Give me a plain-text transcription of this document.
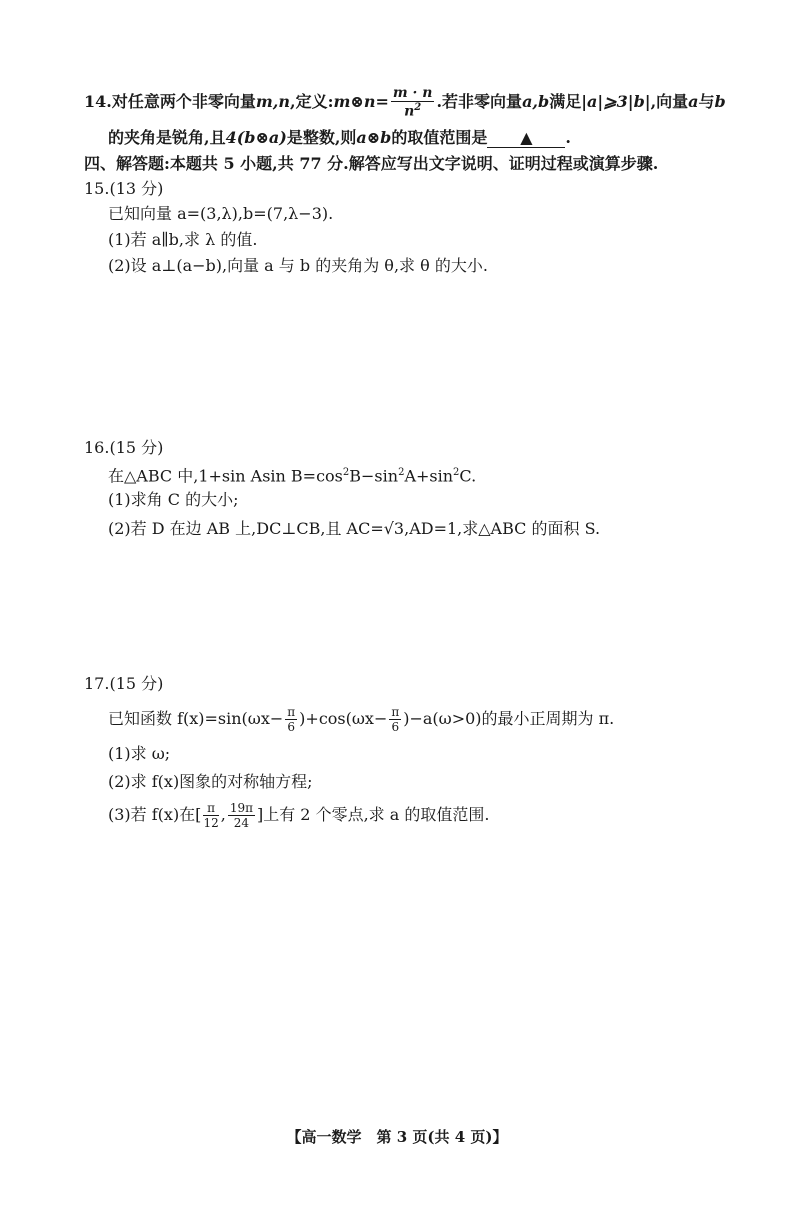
14.对任意两个非零向量m,n,定义:m⊗n= $\frac{m \cdot n}{n^2}$ .若非零向量a,b满足|a|⩾3|b|,向量a与b
的夹角是锐角,且4(b⊗a)是整数,则a⊗b的取值范围是 ▲ .
四、解答题:本题共 5 小题,共 77 分.解答应写出文字说明、证明过程或演算步骤.
15.(13 分)
已知向量 a=(3,λ),b=(7,λ−3).
(1)若 a∥b,求 λ 的值.
(2)设 a⊥(a−b),向量 a 与 b 的夹角为 θ,求 θ 的大小.
16.(15 分)
在△ABC 中,1+sin Asin $B=\cos^2B-\sin^2A+\sin^2C$.
(1)求角 C 的大小;
(2)若 D 在边 AB 上,DC⊥CB,且 AC=√3,AD=1,求△ABC 的面积 S.
17.(15 分)
已知函数 $f(x)=\sin(\omega x- \frac{\pi}{6} )+\cos(\omega x- \frac{\pi}{6} )-a(\omega>0)$的最小正周期为 π.
(1)求 ω;
(2)求 f(x)图象的对称轴方程;
(3)若 f(x)在[ $\frac{\pi}{12}$ , $\frac{19\pi}{24}$ ]上有 2 个零点,求 a 的取值范围.
【高一数学　第 3 页(共 4 页)】
